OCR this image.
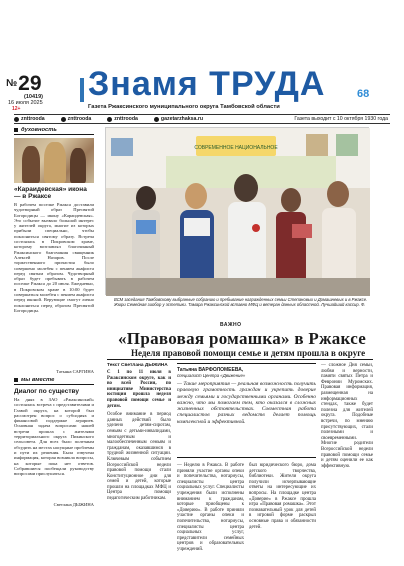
№29
(10419)
16 июля 2025
12+
Знамя ТРУДА	68
Газета Ржаксинского муниципального округа Тамбовской области
znttrooda	znttrooda	znttrooda	gazetarzhaksa.ru	Газета выходит с 10 октября 1930 года
духовность
«Караидевская» икона — в Ржаксе
В рабочем поселке Ржакса доставили чудотворный образ Пресвятой Богородицы — икону «Караидевская». Это событие вызвало большой интерес у жителей округа, многие из которых прибыли специально, чтобы поклониться святому образу. Встреча состоялась в Покровском храме, которому возглавлял благочинный Ржаксинского благочиния священник Алексей Назаров. После торжественного причастия было совершено молебен с пением акафиста перед святым образом. Чудотворный образ будет пребывать в рабочем поселке Ржакса до 20 июля. Ежедневно, в Покровском храме в 10:00 будет совершаться молебен с пением акафиста перед иконой. Верующие смогут лично поклониться перед образом Пресвятой Богородицы.
Татьяна САРГИНА
мы вместе
Диалог по существу
На днях в ЗАО «Ржаксинский» состоялась встреча с представителями и Главой округа, на которой был рассмотрен вопрос о субсидиях и финансовой поддержке аграриев. Основная задача вопросами нашей встречи прошла с жителями территориального округа Пикинского сельсовета. Для всех было полезным обсудить на местах насущные проблемы и пути их решения. Была озвучена информация, которая возникла вопросы, на которые пока нет ответов. Собравшиеся пообещали руководству вопросами прислушаться.
Светлана ДЫЖИНА
СОВРЕМЕННОЕ НАЦИОНАЛЬНОЕ
ВСМ заседания Тамбовскому выбранные собранию и пребывание награжденных семьи Степановых и Домашневых и в Ржаксе. Жюри Семейная зиобор у эстетики. Тамара Ржаксинской вставно МФЦ и ветеран данных областной. Лучшайший кассир. Ф.
ВАЖНО
«Правовая ромашка» в Ржаксе
Неделя правовой помощи семье и детям прошла в округе
Текст Светлана ДЫЖИНА

С 1 по 11 июля в Ржаксинском округе, как и во всей России, по инициативе Министерства юстиции прошла неделя правовой помощи семье и детям.

Особое внимание в период данных действий было уделено детям-сиротам, семьям с детьми-инвалидами, многодетным и малообеспеченным семьям и гражданам, оказавшимся в трудной жизненной ситуации. Ключевым событием Всероссийской недели правовой помощи стали Конституционное дни для семей и детей, которые прошли на площадках МФЦ и Центра помощи педагогическим работникам.

Татьяна ВАРФОЛОМЕЕВА,
специалист Центра «Движение»
— Такие мероприятия — реальная возможность получить правовую грамотность граждан и укрепить доверие между семьями и государственными органами. Особенно важно, что мы помогаем тем, кто оказался в сложных жизненных обстоятельствах. Совместная работа специалистов разных ведомств делает помощь комплексной и эффективной.
— Неделю в Ржакса. В работе приняли участие органы опеки и попечительства, нотариусы, специалисты центра социальных услуг. Специалисты учреждения были исполнены вниманием к гражданам, которые приобщены к «Доверию». В работе приняли участие органы опеки и попечительства, нотариусы, специалисты центра социальных услуг, представители семейных центров и образовательных учреждений.
был юридического бюро, дома детского творчества, библиотеки. Жители округа получили исчерпывающие ответы на интересующие их вопросы. На площадке центра «Доверие» в Ржаксе прошла игра «Правовая ромашка». Этот познавательный урок для детей в игровой форме раскрыл основные права и обязанности детей.
— сложное Дня семьи, любви и верности, памяти святых Петра и Февронии Муромских. Правовая информация, размещенная на информационных стендах, также будет полезна для жителей округа. Подобные встречи, по мнению присутствующих, стали полезными и своевременными. Многие родители Всероссийской недели правовой помощи семье и детям оценили ее как эффективную.
